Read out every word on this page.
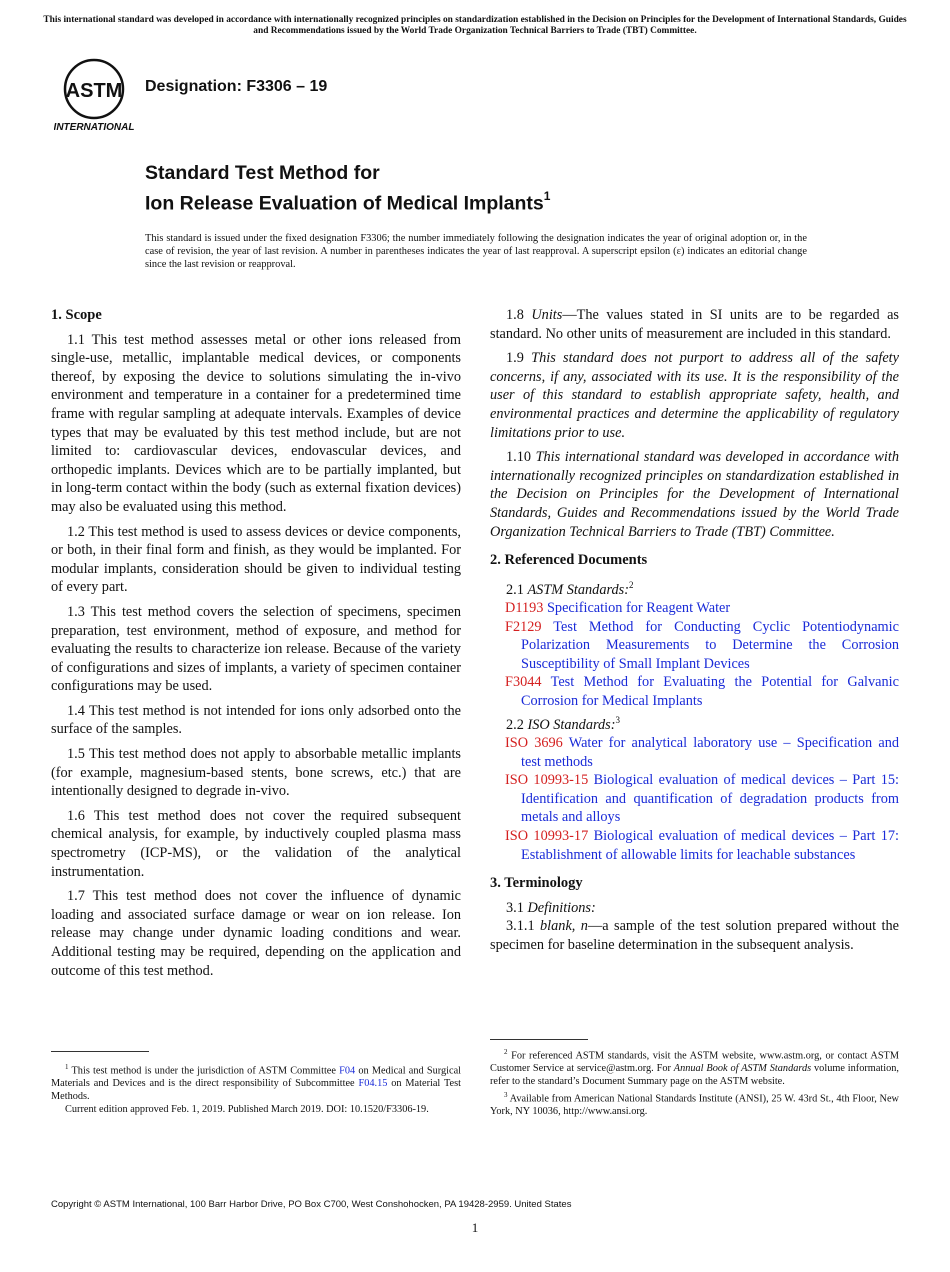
This international standard was developed in accordance with internationally recognized principles on standardization established in the Decision on Principles for the Development of International Standards, Guides and Recommendations issued by the World Trade Organization Technical Barriers to Trade (TBT) Committee.
ASTM
INTERNATIONAL
Designation: F3306 – 19
Standard Test Method for
Ion Release Evaluation of Medical Implants$^1$
This standard is issued under the fixed designation F3306; the number immediately following the designation indicates the year of original adoption or, in the case of revision, the year of last revision. A number in parentheses indicates the year of last reapproval. A superscript epsilon (ε) indicates an editorial change since the last revision or reapproval.

1. Scope

1.1 This test method assesses metal or other ions released from single-use, metallic, implantable medical devices, or components thereof, by exposing the device to solutions simulating the in-vivo environment and temperature in a container for a predetermined time frame with regular sampling at adequate intervals. Examples of device types that may be evaluated by this test method include, but are not limited to: cardiovascular devices, endovascular devices, and orthopedic implants. Devices which are to be partially implanted, but in long-term contact within the body (such as external fixation devices) may also be evaluated using this method.

1.2 This test method is used to assess devices or device components, or both, in their final form and finish, as they would be implanted. For modular implants, consideration should be given to individual testing of every part.

1.3 This test method covers the selection of specimens, specimen preparation, test environment, method of exposure, and method for evaluating the results to characterize ion release. Because of the variety of configurations and sizes of implants, a variety of specimen container configurations may be used.

1.4 This test method is not intended for ions only adsorbed onto the surface of the samples.

1.5 This test method does not apply to absorbable metallic implants (for example, magnesium-based stents, bone screws, etc.) that are intentionally designed to degrade in-vivo.

1.6 This test method does not cover the required subsequent chemical analysis, for example, by inductively coupled plasma mass spectrometry (ICP-MS), or the validation of the analytical instrumentation.

1.7 This test method does not cover the influence of dynamic loading and associated surface damage or wear on ion release. Ion release may change under dynamic loading conditions and wear. Additional testing may be required, depending on the application and outcome of this test method.

1.8 Units—The values stated in SI units are to be regarded as standard. No other units of measurement are included in this standard.

1.9 This standard does not purport to address all of the safety concerns, if any, associated with its use. It is the responsibility of the user of this standard to establish appropriate safety, health, and environmental practices and determine the applicability of regulatory limitations prior to use.

1.10 This international standard was developed in accordance with internationally recognized principles on standardization established in the Decision on Principles for the Development of International Standards, Guides and Recommendations issued by the World Trade Organization Technical Barriers to Trade (TBT) Committee.

2. Referenced Documents

2.1 ASTM Standards:$^2$

D1193 Specification for Reagent Water

F2129 Test Method for Conducting Cyclic Potentiodynamic Polarization Measurements to Determine the Corrosion Susceptibility of Small Implant Devices

F3044 Test Method for Evaluating the Potential for Galvanic Corrosion for Medical Implants

2.2 ISO Standards:$^3$

ISO 3696 Water for analytical laboratory use – Specification and test methods

ISO 10993-15 Biological evaluation of medical devices – Part 15: Identification and quantification of degradation products from metals and alloys

ISO 10993-17 Biological evaluation of medical devices – Part 17: Establishment of allowable limits for leachable substances

3. Terminology

3.1 Definitions:

3.1.1 blank, n—a sample of the test solution prepared without the specimen for baseline determination in the subsequent analysis.

$^1$ This test method is under the jurisdiction of ASTM Committee F04 on Medical and Surgical Materials and Devices and is the direct responsibility of Subcommittee F04.15 on Material Test Methods.

Current edition approved Feb. 1, 2019. Published March 2019. DOI: 10.1520/F3306-19.

$^2$ For referenced ASTM standards, visit the ASTM website, www.astm.org, or contact ASTM Customer Service at service@astm.org. For Annual Book of ASTM Standards volume information, refer to the standard’s Document Summary page on the ASTM website.

$^3$ Available from American National Standards Institute (ANSI), 25 W. 43rd St., 4th Floor, New York, NY 10036, http://www.ansi.org.

Copyright © ASTM International, 100 Barr Harbor Drive, PO Box C700, West Conshohocken, PA 19428-2959. United States
1
